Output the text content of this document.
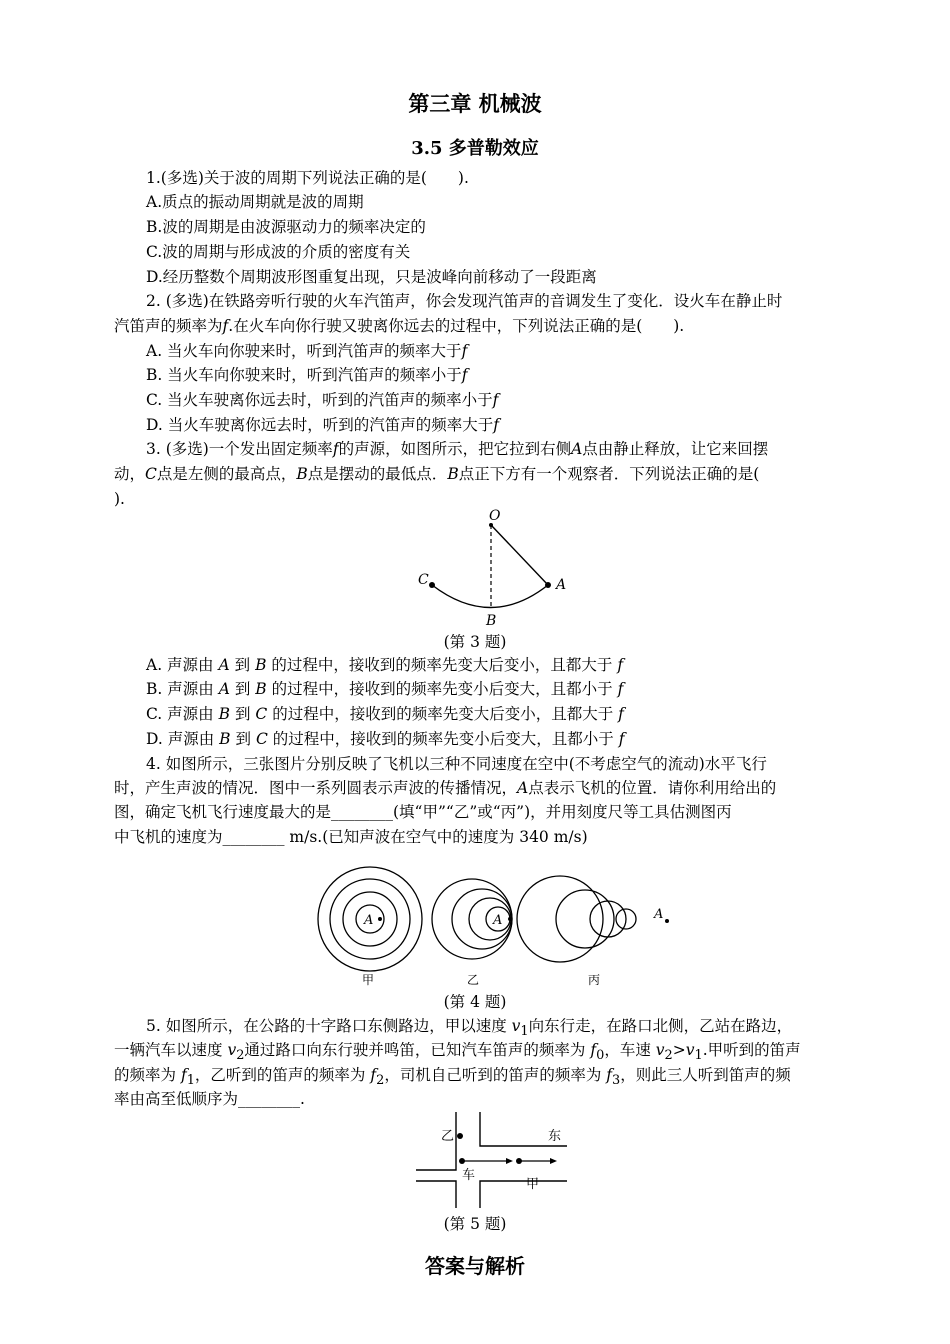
第三章 机械波
3.5 多普勒效应
1.(多选)关于波的周期下列说法正确的是(　　).
A.质点的振动周期就是波的周期
B.波的周期是由波源驱动力的频率决定的
C.波的周期与形成波的介质的密度有关
D.经历整数个周期波形图重复出现，只是波峰向前移动了一段距离
2. (多选)在铁路旁听行驶的火车汽笛声，你会发现汽笛声的音调发生了变化．设火车在静止时
汽笛声的频率为f.在火车向你行驶又驶离你远去的过程中，下列说法正确的是(　　).
A. 当火车向你驶来时，听到汽笛声的频率大于f
B. 当火车向你驶来时，听到汽笛声的频率小于f
C. 当火车驶离你远去时，听到的汽笛声的频率小于f
D. 当火车驶离你远去时，听到的汽笛声的频率大于f
3. (多选)一个发出固定频率f的声源，如图所示，把它拉到右侧A点由静止释放，让它来回摆
动，C点是左侧的最高点，B点是摆动的最低点．B点正下方有一个观察者．下列说法正确的是(
).
O
A
C
B
(第 3 题)
A. 声源由 A 到 B 的过程中，接收到的频率先变大后变小，且都大于 f
B. 声源由 A 到 B 的过程中，接收到的频率先变小后变大，且都小于 f
C. 声源由 B 到 C 的过程中，接收到的频率先变大后变小，且都大于 f
D. 声源由 B 到 C 的过程中，接收到的频率先变小后变大，且都小于 f
4. 如图所示，三张图片分别反映了飞机以三种不同速度在空中(不考虑空气的流动)水平飞行
时，产生声波的情况．图中一系列圆表示声波的传播情况，A点表示飞机的位置．请你利用给出的
图，确定飞机飞行速度最大的是________(填“甲”“乙”或“丙”)，并用刻度尺等工具估测图丙
中飞机的速度为________ m/s.(已知声波在空气中的速度为 340 m/s)
A
甲
A
乙
A
丙
(第 4 题)
5. 如图所示，在公路的十字路口东侧路边，甲以速度 $v_1$向东行走，在路口北侧，乙站在路边，
一辆汽车以速度 $v_2$通过路口向东行驶并鸣笛，已知汽车笛声的频率为 $f_0$，车速 $v_2>v_1$.甲听到的笛声
的频率为 $f_1$，乙听到的笛声的频率为 $f_2$，司机自己听到的笛声的频率为 $f_3$，则此三人听到笛声的频
率由高至低顺序为________.
乙	东
车
甲
(第 5 题)
答案与解析
